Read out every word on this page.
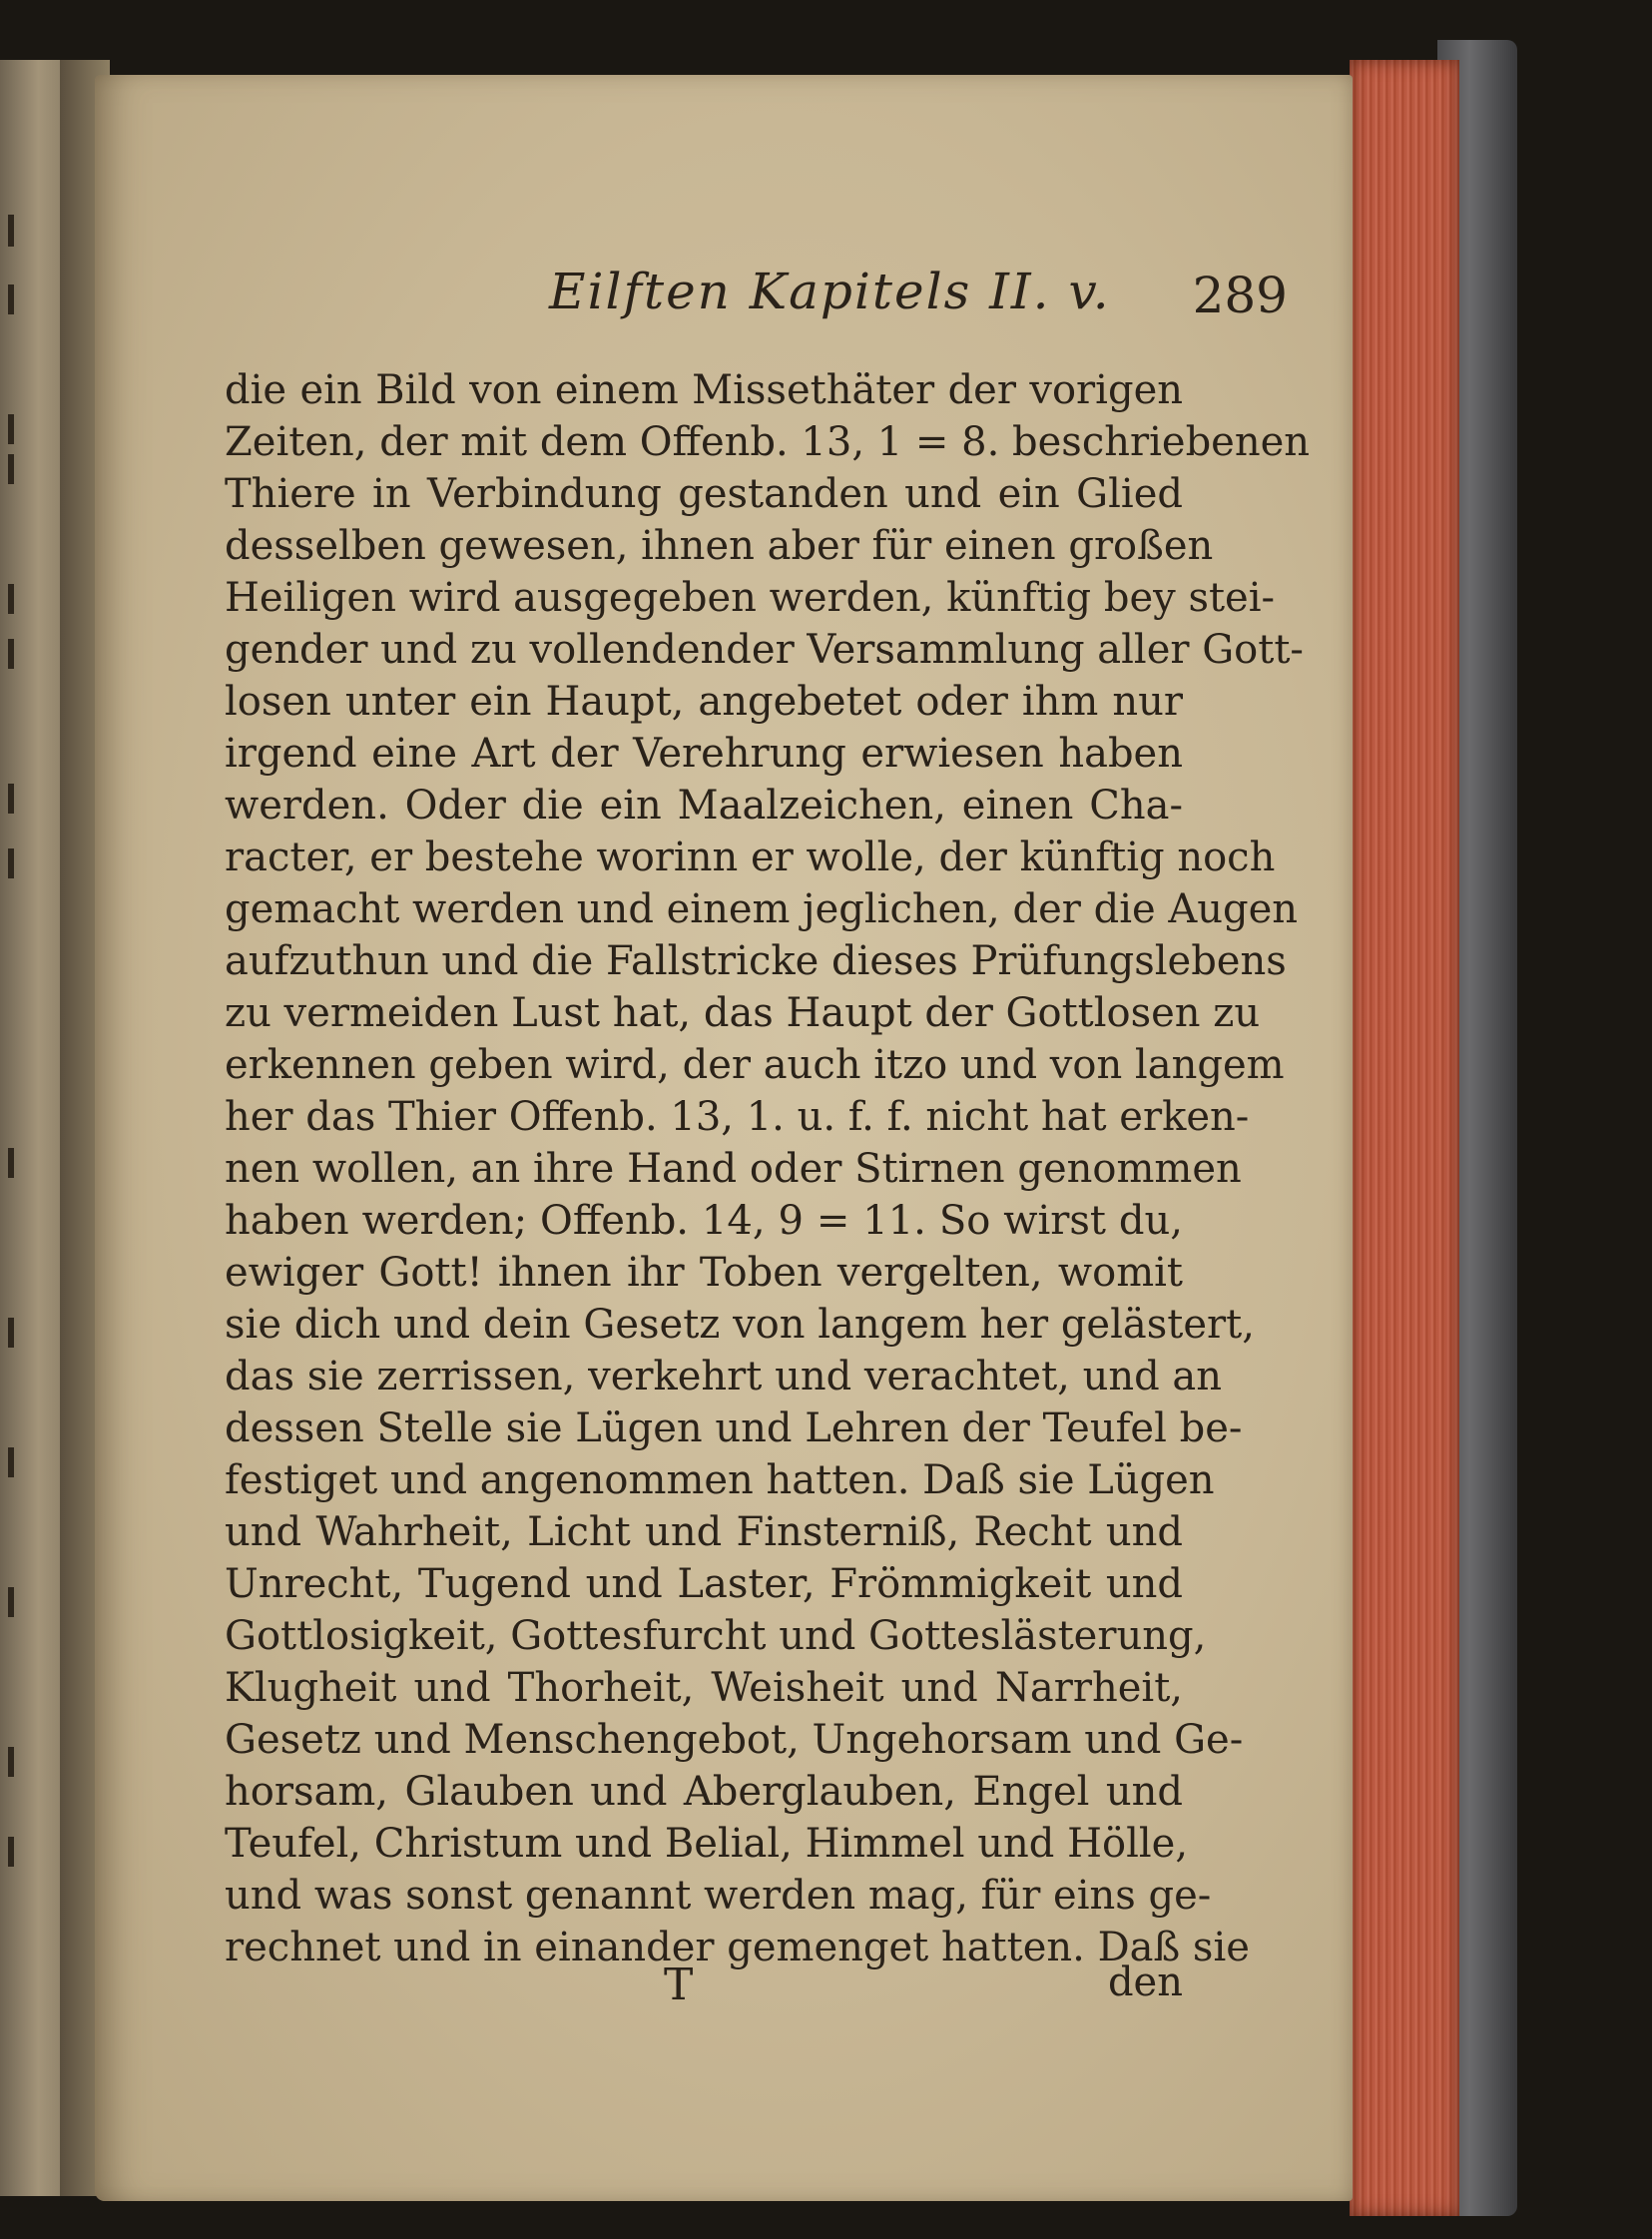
Eilften Kapitels II. v. 289
die ein Bild von einem Missethäter der vorigen
Zeiten, der mit dem Offenb. 13, 1 = 8. beschriebenen
Thiere in Verbindung gestanden und ein Glied
desselben gewesen, ihnen aber für einen großen
Heiligen wird ausgegeben werden, künftig bey stei-
gender und zu vollendender Versammlung aller Gott-
losen unter ein Haupt, angebetet oder ihm nur
irgend eine Art der Verehrung erwiesen haben
werden. Oder die ein Maalzeichen, einen Cha-
racter, er bestehe worinn er wolle, der künftig noch
gemacht werden und einem jeglichen, der die Augen
aufzuthun und die Fallstricke dieses Prüfungslebens
zu vermeiden Lust hat, das Haupt der Gottlosen zu
erkennen geben wird, der auch itzo und von langem
her das Thier Offenb. 13, 1. u. f. f. nicht hat erken-
nen wollen, an ihre Hand oder Stirnen genommen
haben werden; Offenb. 14, 9 = 11. So wirst du,
ewiger Gott! ihnen ihr Toben vergelten, womit
sie dich und dein Gesetz von langem her gelästert,
das sie zerrissen, verkehrt und verachtet, und an
dessen Stelle sie Lügen und Lehren der Teufel be-
festiget und angenommen hatten. Daß sie Lügen
und Wahrheit, Licht und Finsterniß, Recht und
Unrecht, Tugend und Laster, Frömmigkeit und
Gottlosigkeit, Gottesfurcht und Gotteslästerung,
Klugheit und Thorheit, Weisheit und Narrheit,
Gesetz und Menschengebot, Ungehorsam und Ge-
horsam, Glauben und Aberglauben, Engel und
Teufel, Christum und Belial, Himmel und Hölle,
und was sonst genannt werden mag, für eins ge-
rechnet und in einander gemenget hatten. Daß sie
T	den
